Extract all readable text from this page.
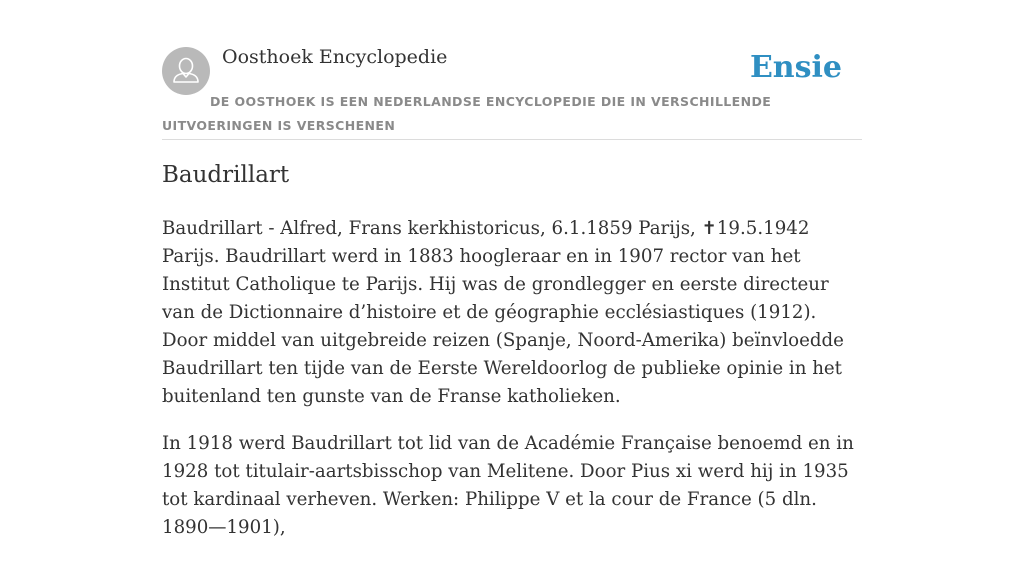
Oosthoek Encyclopedie	Ensie
DE OOSTHOEK IS EEN NEDERLANDSE ENCYCLOPEDIE DIE IN VERSCHILLENDE UITVOERINGEN IS VERSCHENEN
Baudrillart

Baudrillart - Alfred, Frans kerkhistoricus, 6.1.1859 Parijs, ✝19.5.1942 Parijs. Baudrillart werd in 1883 hoogleraar en in 1907 rector van het Institut Catholique te Parijs. Hij was de grondlegger en eerste directeur van de Dictionnaire d’histoire et de géographie ecclésiastiques (1912). Door middel van uitgebreide reizen (Spanje, Noord-Amerika) beïnvloedde Baudrillart ten tijde van de Eerste Wereldoorlog de publieke opinie in het buitenland ten gunste van de Franse katholieken.

In 1918 werd Baudrillart tot lid van de Académie Française benoemd en in 1928 tot titulair-aartsbisschop van Melitene. Door Pius xi werd hij in 1935 tot kardinaal verheven. Werken: Philippe V et la cour de France (5 dln. 1890—1901),
